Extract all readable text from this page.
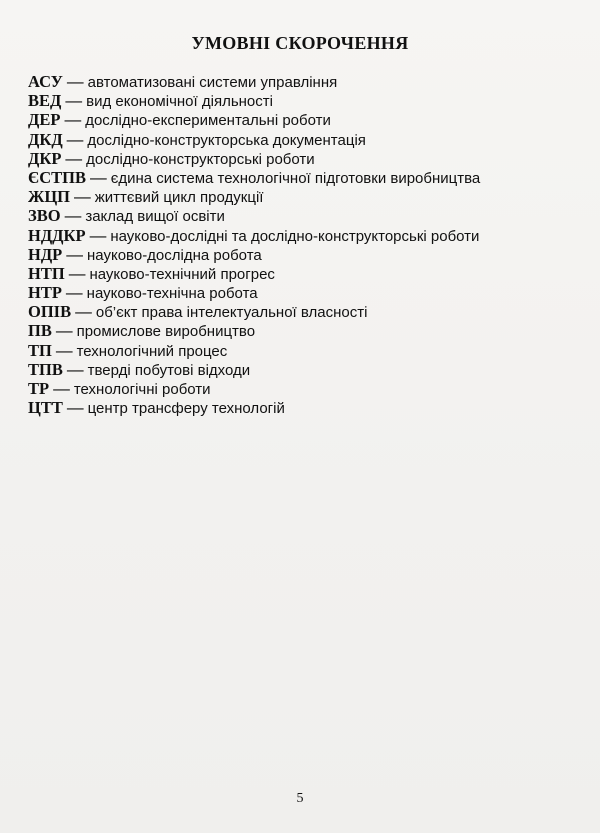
УМОВНІ СКОРОЧЕННЯ
АСУ — автоматизовані системи управління
ВЕД — вид економічної діяльності
ДЕР — дослідно-експериментальні роботи
ДКД — дослідно-конструкторська документація
ДКР — дослідно-конструкторські роботи
ЄСТПВ — єдина система технологічної підготовки виробництва
ЖЦП — життєвий цикл продукції
ЗВО — заклад вищої освіти
НДДКР — науково-дослідні та дослідно-конструкторські роботи
НДР — науково-дослідна робота
НТП — науково-технічний прогрес
НТР — науково-технічна робота
ОПІВ — об’єкт права інтелектуальної власності
ПВ — промислове виробництво
ТП — технологічний процес
ТПВ — тверді побутові відходи
ТР — технологічні роботи
ЦТТ — центр трансферу технологій
5
